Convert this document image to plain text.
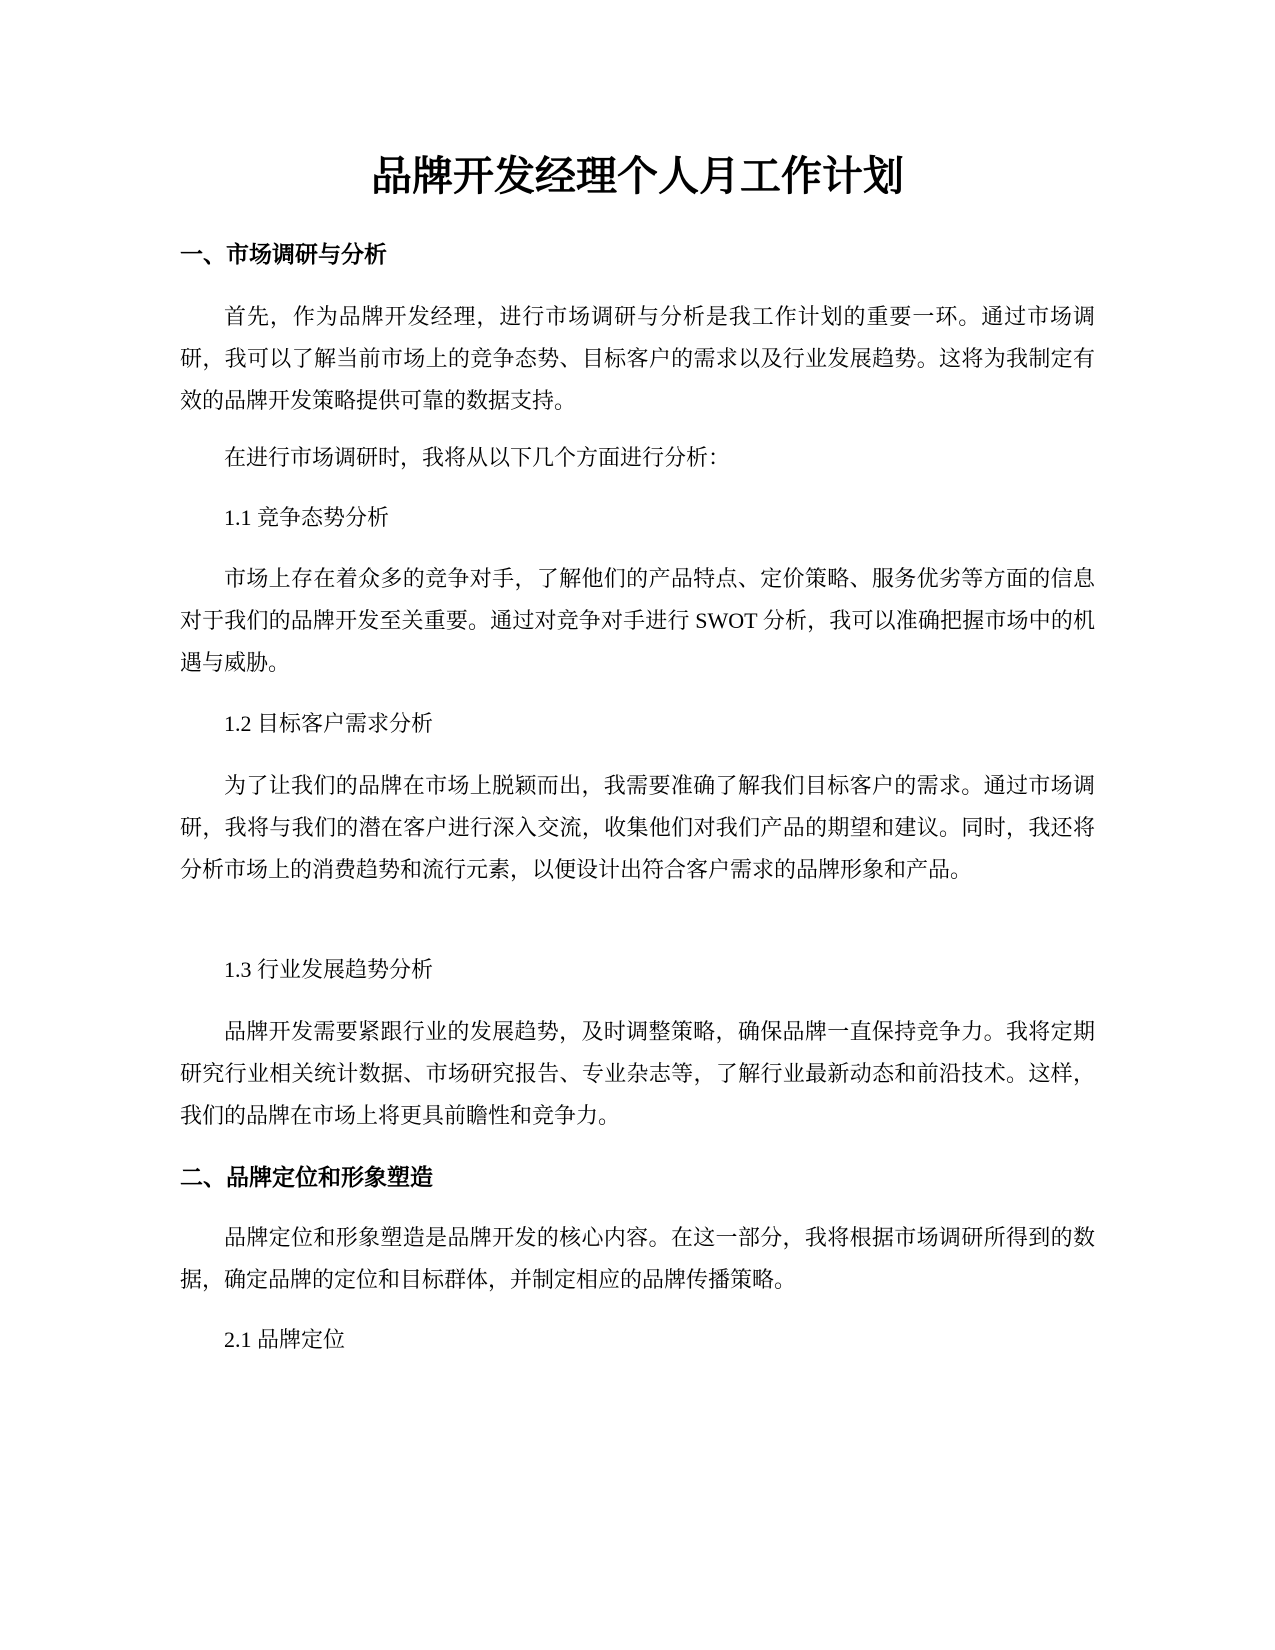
品牌开发经理个人月工作计划
一、市场调研与分析

首先，作为品牌开发经理，进行市场调研与分析是我工作计划的重要一环。通过市场调研，我可以了解当前市场上的竞争态势、目标客户的需求以及行业发展趋势。这将为我制定有效的品牌开发策略提供可靠的数据支持。

在进行市场调研时，我将从以下几个方面进行分析：

1.1 竞争态势分析

市场上存在着众多的竞争对手，了解他们的产品特点、定价策略、服务优劣等方面的信息对于我们的品牌开发至关重要。通过对竞争对手进行 SWOT 分析，我可以准确把握市场中的机遇与威胁。

1.2 目标客户需求分析

为了让我们的品牌在市场上脱颖而出，我需要准确了解我们目标客户的需求。通过市场调研，我将与我们的潜在客户进行深入交流，收集他们对我们产品的期望和建议。同时，我还将分析市场上的消费趋势和流行元素，以便设计出符合客户需求的品牌形象和产品。

1.3 行业发展趋势分析

品牌开发需要紧跟行业的发展趋势，及时调整策略，确保品牌一直保持竞争力。我将定期研究行业相关统计数据、市场研究报告、专业杂志等，了解行业最新动态和前沿技术。这样，我们的品牌在市场上将更具前瞻性和竞争力。

二、品牌定位和形象塑造

品牌定位和形象塑造是品牌开发的核心内容。在这一部分，我将根据市场调研所得到的数据，确定品牌的定位和目标群体，并制定相应的品牌传播策略。

2.1 品牌定位
